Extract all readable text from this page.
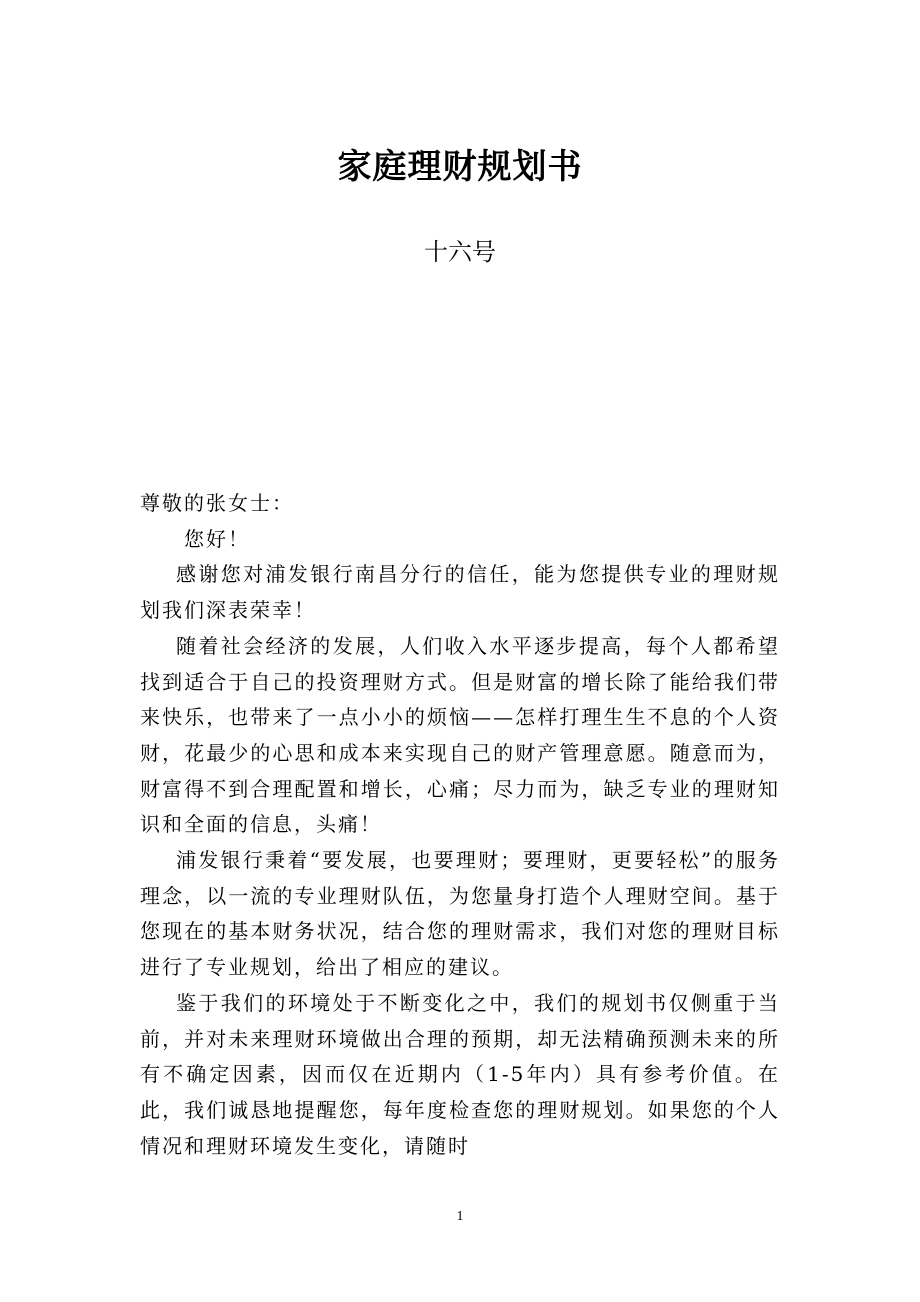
家庭理财规划书
十六号

尊敬的张女士：

您好！

感谢您对浦发银行南昌分行的信任，能为您提供专业的理财规划我们深表荣幸！

随着社会经济的发展，人们收入水平逐步提高，每个人都希望找到适合于自己的投资理财方式。但是财富的增长除了能给我们带来快乐，也带来了一点小小的烦恼——怎样打理生生不息的个人资财，花最少的心思和成本来实现自己的财产管理意愿。随意而为，财富得不到合理配置和增长，心痛；尽力而为，缺乏专业的理财知识和全面的信息，头痛！

浦发银行秉着“要发展，也要理财；要理财，更要轻松”的服务理念，以一流的专业理财队伍，为您量身打造个人理财空间。基于您现在的基本财务状况，结合您的理财需求，我们对您的理财目标进行了专业规划，给出了相应的建议。

鉴于我们的环境处于不断变化之中，我们的规划书仅侧重于当前，并对未来理财环境做出合理的预期，却无法精确预测未来的所有不确定因素，因而仅在近期内（1-5年内）具有参考价值。在此，我们诚恳地提醒您，每年度检查您的理财规划。如果您的个人情况和理财环境发生变化，请随时

1
